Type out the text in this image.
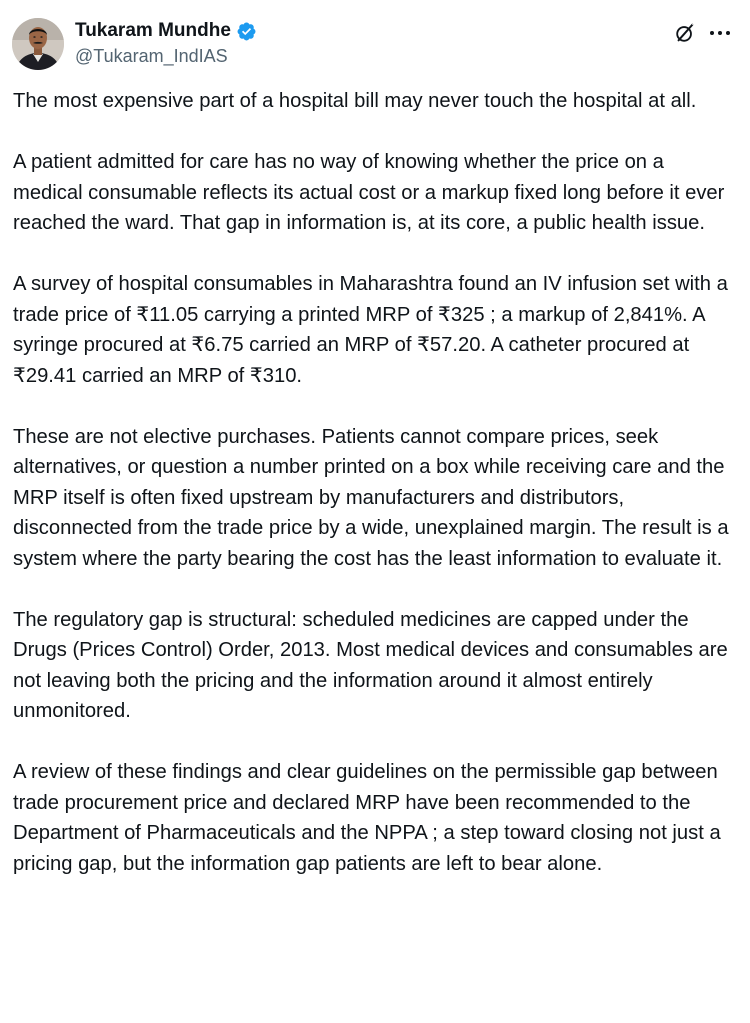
Tukaram Mundhe
@Tukaram_IndIAS

The most expensive part of a hospital bill may never touch the hospital at all.

A patient admitted for care has no way of knowing whether the price on a medical consumable reflects its actual cost or a markup fixed long before it ever reached the ward. That gap in information is, at its core, a public health issue.

A survey of hospital consumables in Maharashtra found an IV infusion set with a trade price of ₹11.05 carrying a printed MRP of ₹325 ; a markup of 2,841%. A syringe procured at ₹6.75 carried an MRP of ₹57.20. A catheter procured at ₹29.41 carried an MRP of ₹310.

These are not elective purchases. Patients cannot compare prices, seek alternatives, or question a number printed on a box while receiving care and the MRP itself is often fixed upstream by manufacturers and distributors, disconnected from the trade price by a wide, unexplained margin. The result is a system where the party bearing the cost has the least information to evaluate it.

The regulatory gap is structural: scheduled medicines are capped under the Drugs (Prices Control) Order, 2013. Most medical devices and consumables are not leaving both the pricing and the information around it almost entirely unmonitored.

A review of these findings and clear guidelines on the permissible gap between trade procurement price and declared MRP have been recommended to the Department of Pharmaceuticals and the NPPA ; a step toward closing not just a pricing gap, but the information gap patients are left to bear alone.
